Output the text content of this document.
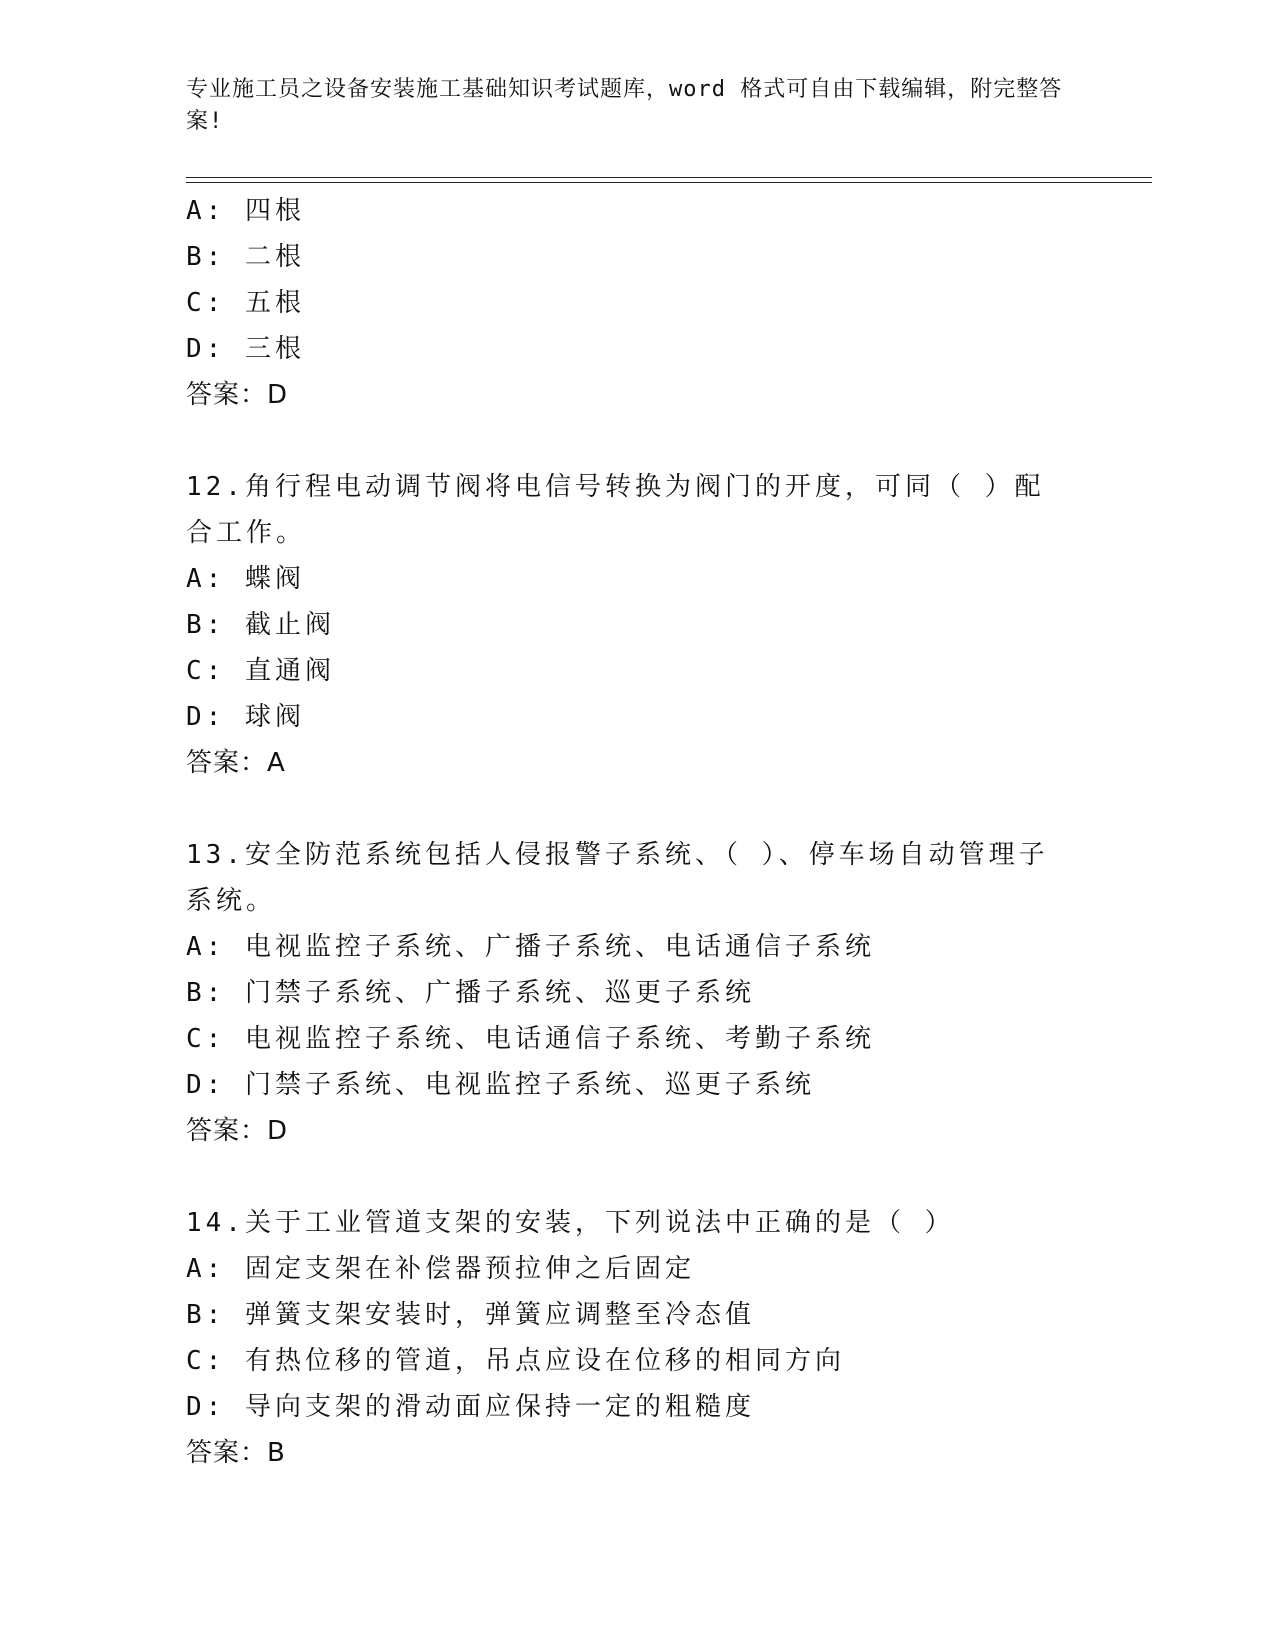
专业施工员之设备安装施工基础知识考试题库，word 格式可自由下载编辑，附完整答案!
A: 四根
B: 二根
C: 五根
D: 三根
答案：D
12.角行程电动调节阀将电信号转换为阀门的开度，可同（ ）配合工作。
A: 蝶阀
B: 截止阀
C: 直通阀
D: 球阀
答案：A
13.安全防范系统包括人侵报警子系统、（ ）、停车场自动管理子系统。
A: 电视监控子系统、广播子系统、电话通信子系统
B: 门禁子系统、广播子系统、巡更子系统
C: 电视监控子系统、电话通信子系统、考勤子系统
D: 门禁子系统、电视监控子系统、巡更子系统
答案：D
14.关于工业管道支架的安装，下列说法中正确的是（ ）
A: 固定支架在补偿器预拉伸之后固定
B: 弹簧支架安装时，弹簧应调整至冷态值
C: 有热位移的管道，吊点应设在位移的相同方向
D: 导向支架的滑动面应保持一定的粗糙度
答案：B
